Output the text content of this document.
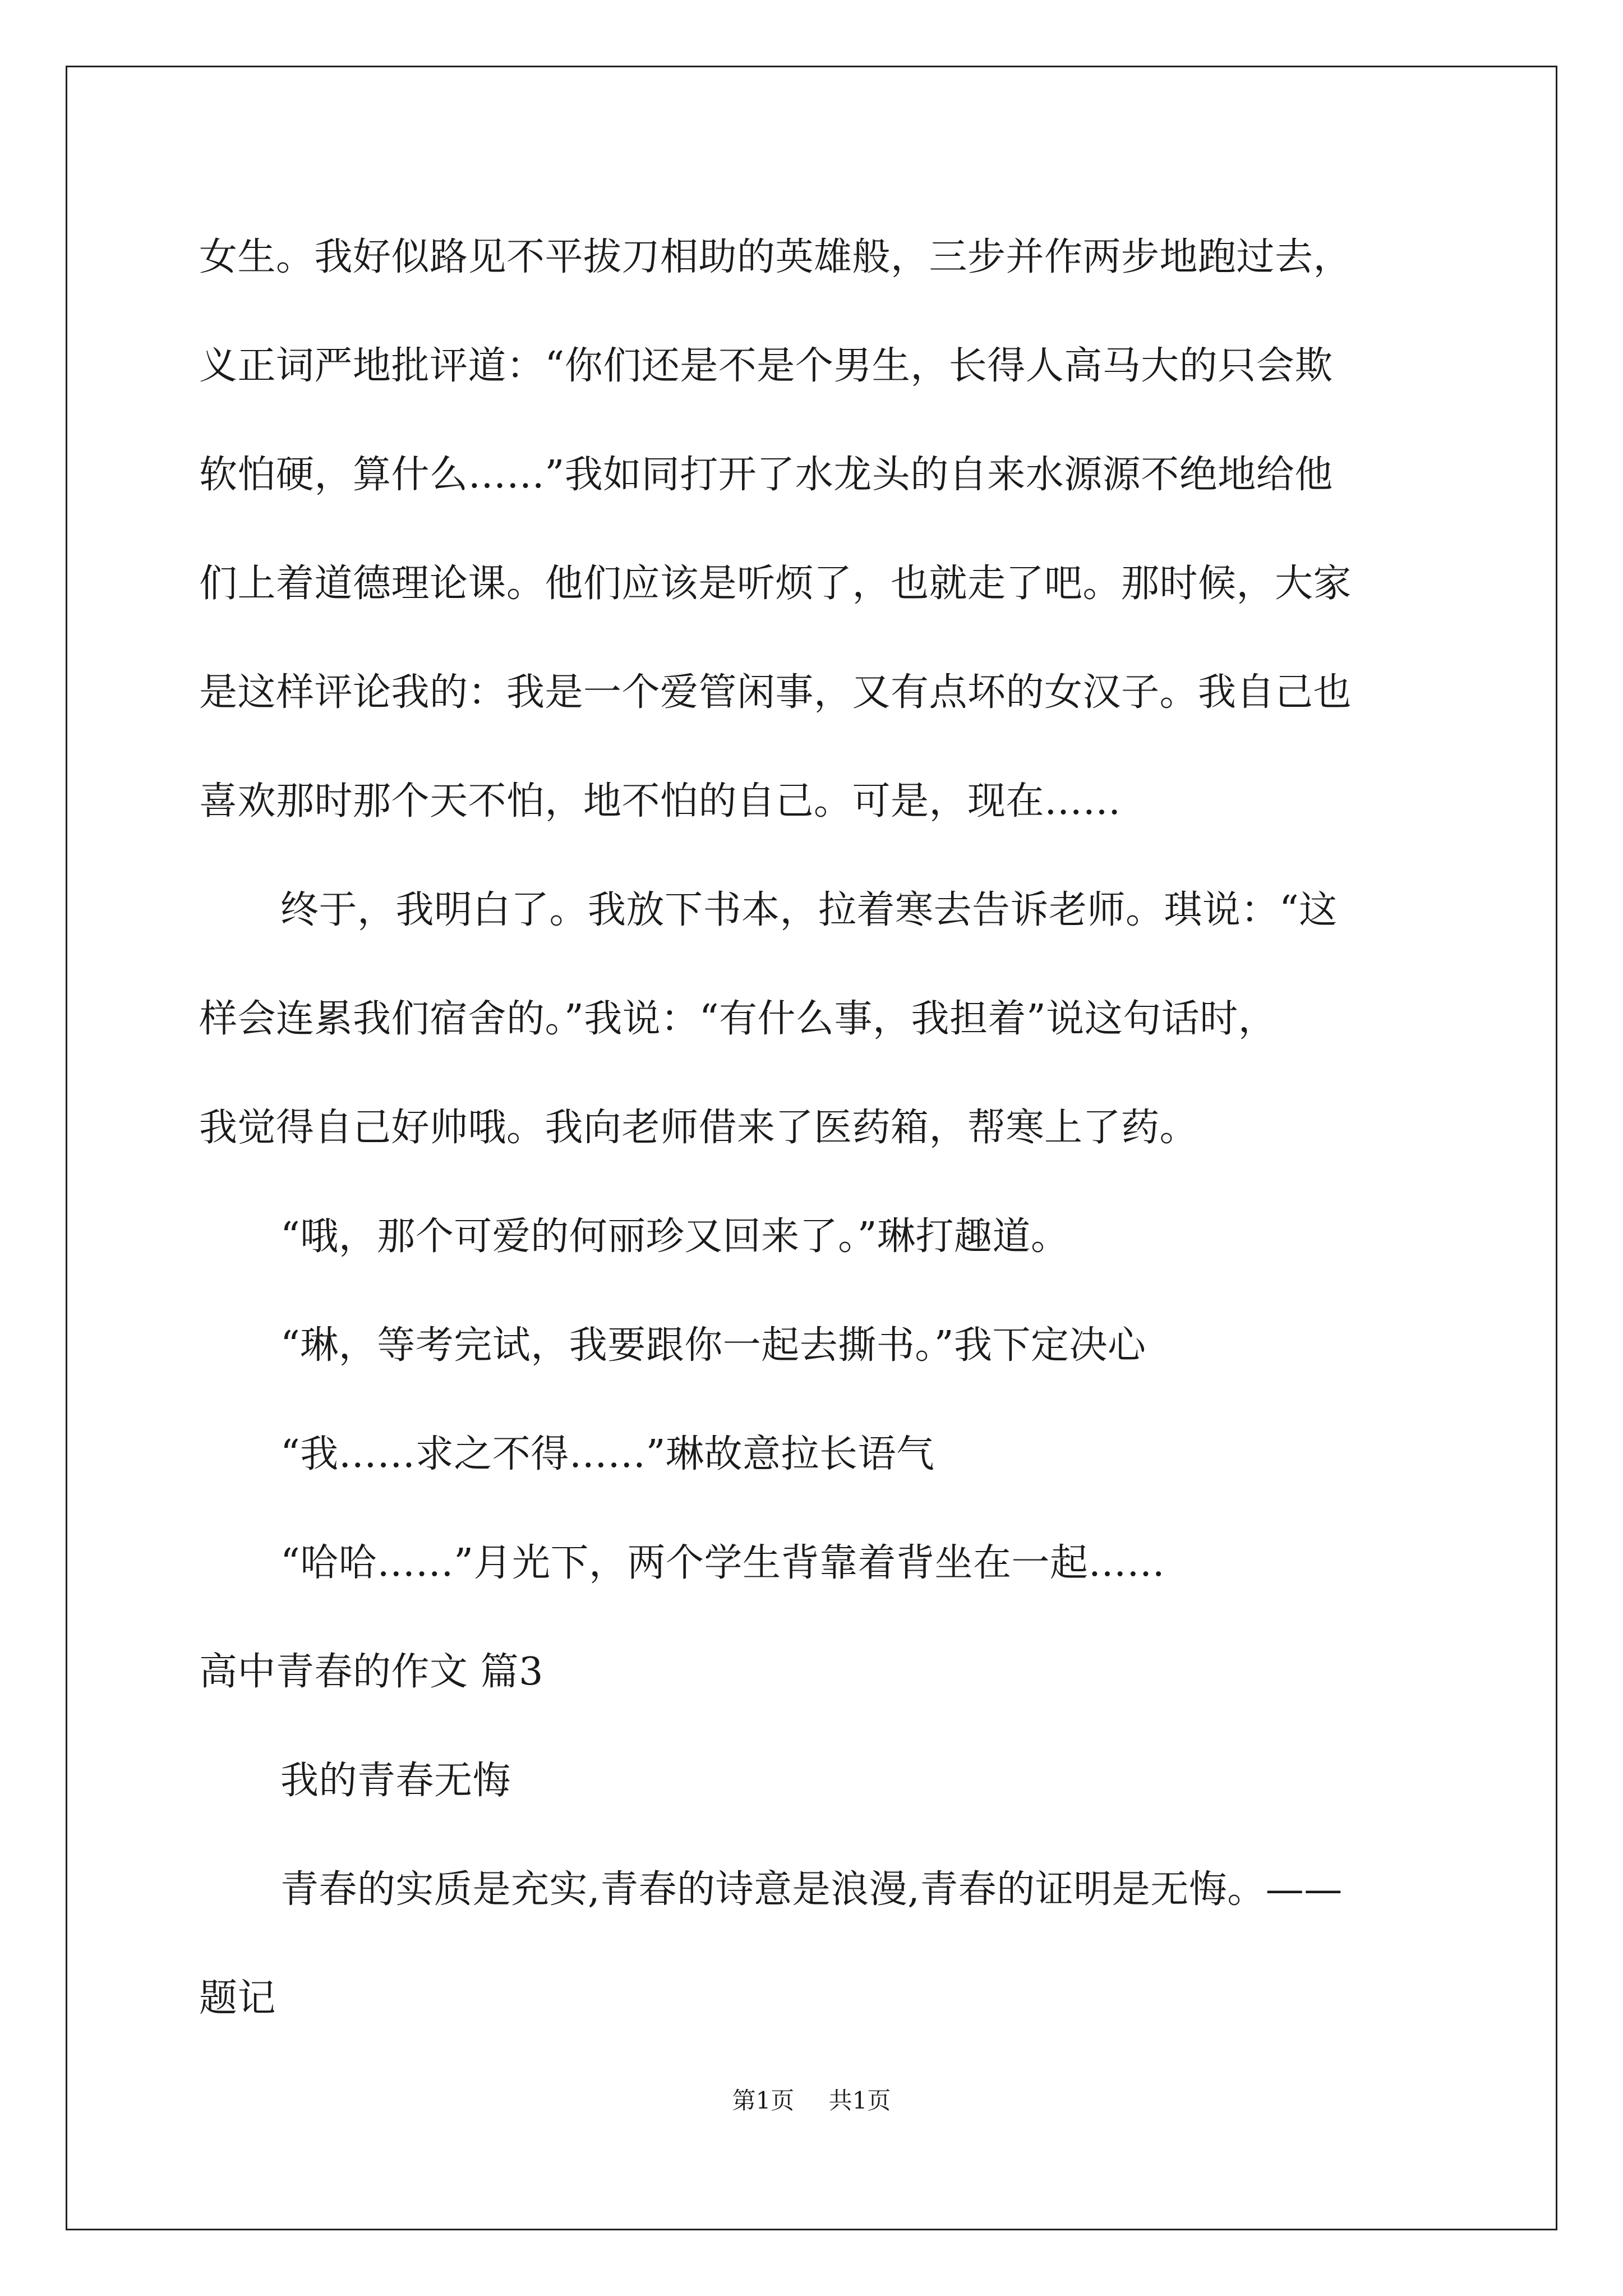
女生。我好似路见不平拔刀相助的英雄般，三步并作两步地跑过去，
义正词严地批评道：“你们还是不是个男生，长得人高马大的只会欺
软怕硬，算什么……”我如同打开了水龙头的自来水源源不绝地给他
们上着道德理论课。他们应该是听烦了，也就走了吧。那时候，大家
是这样评论我的：我是一个爱管闲事，又有点坏的女汉子。我自己也
喜欢那时那个天不怕，地不怕的自己。可是，现在……
终于，我明白了。我放下书本，拉着寒去告诉老师。琪说：“这
样会连累我们宿舍的。”我说：“有什么事，我担着”说这句话时，
我觉得自己好帅哦。我向老师借来了医药箱，帮寒上了药。
“哦，那个可爱的何丽珍又回来了。”琳打趣道。
“琳，等考完试，我要跟你一起去撕书。”我下定决心
“我……求之不得……”琳故意拉长语气
“哈哈……”月光下，两个学生背靠着背坐在一起……
高中青春的作文 篇3
我的青春无悔
青春的实质是充实,青春的诗意是浪漫,青春的证明是无悔。——
题记
第1页 共1页
